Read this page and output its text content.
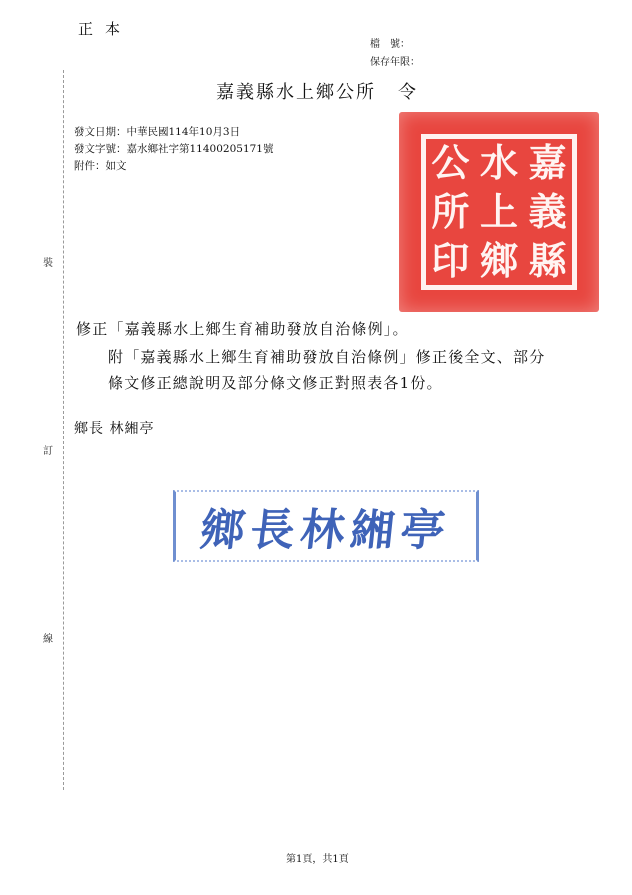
正本
檔　號：
保存年限：
嘉義縣水上鄉公所 令
發文日期：中華民國114年10月3日
發文字號：嘉水鄉社字第11400205171號
附件：如文
裝
訂
線
公 水 嘉
所 上 義
印 鄉 縣
修正「嘉義縣水上鄉生育補助發放自治條例」。
附「嘉義縣水上鄉生育補助發放自治條例」修正後全文、部分
條文修正總說明及部分條文修正對照表各1份。
鄉長 林緗亭
鄉長林緗亭
第1頁，共1頁
